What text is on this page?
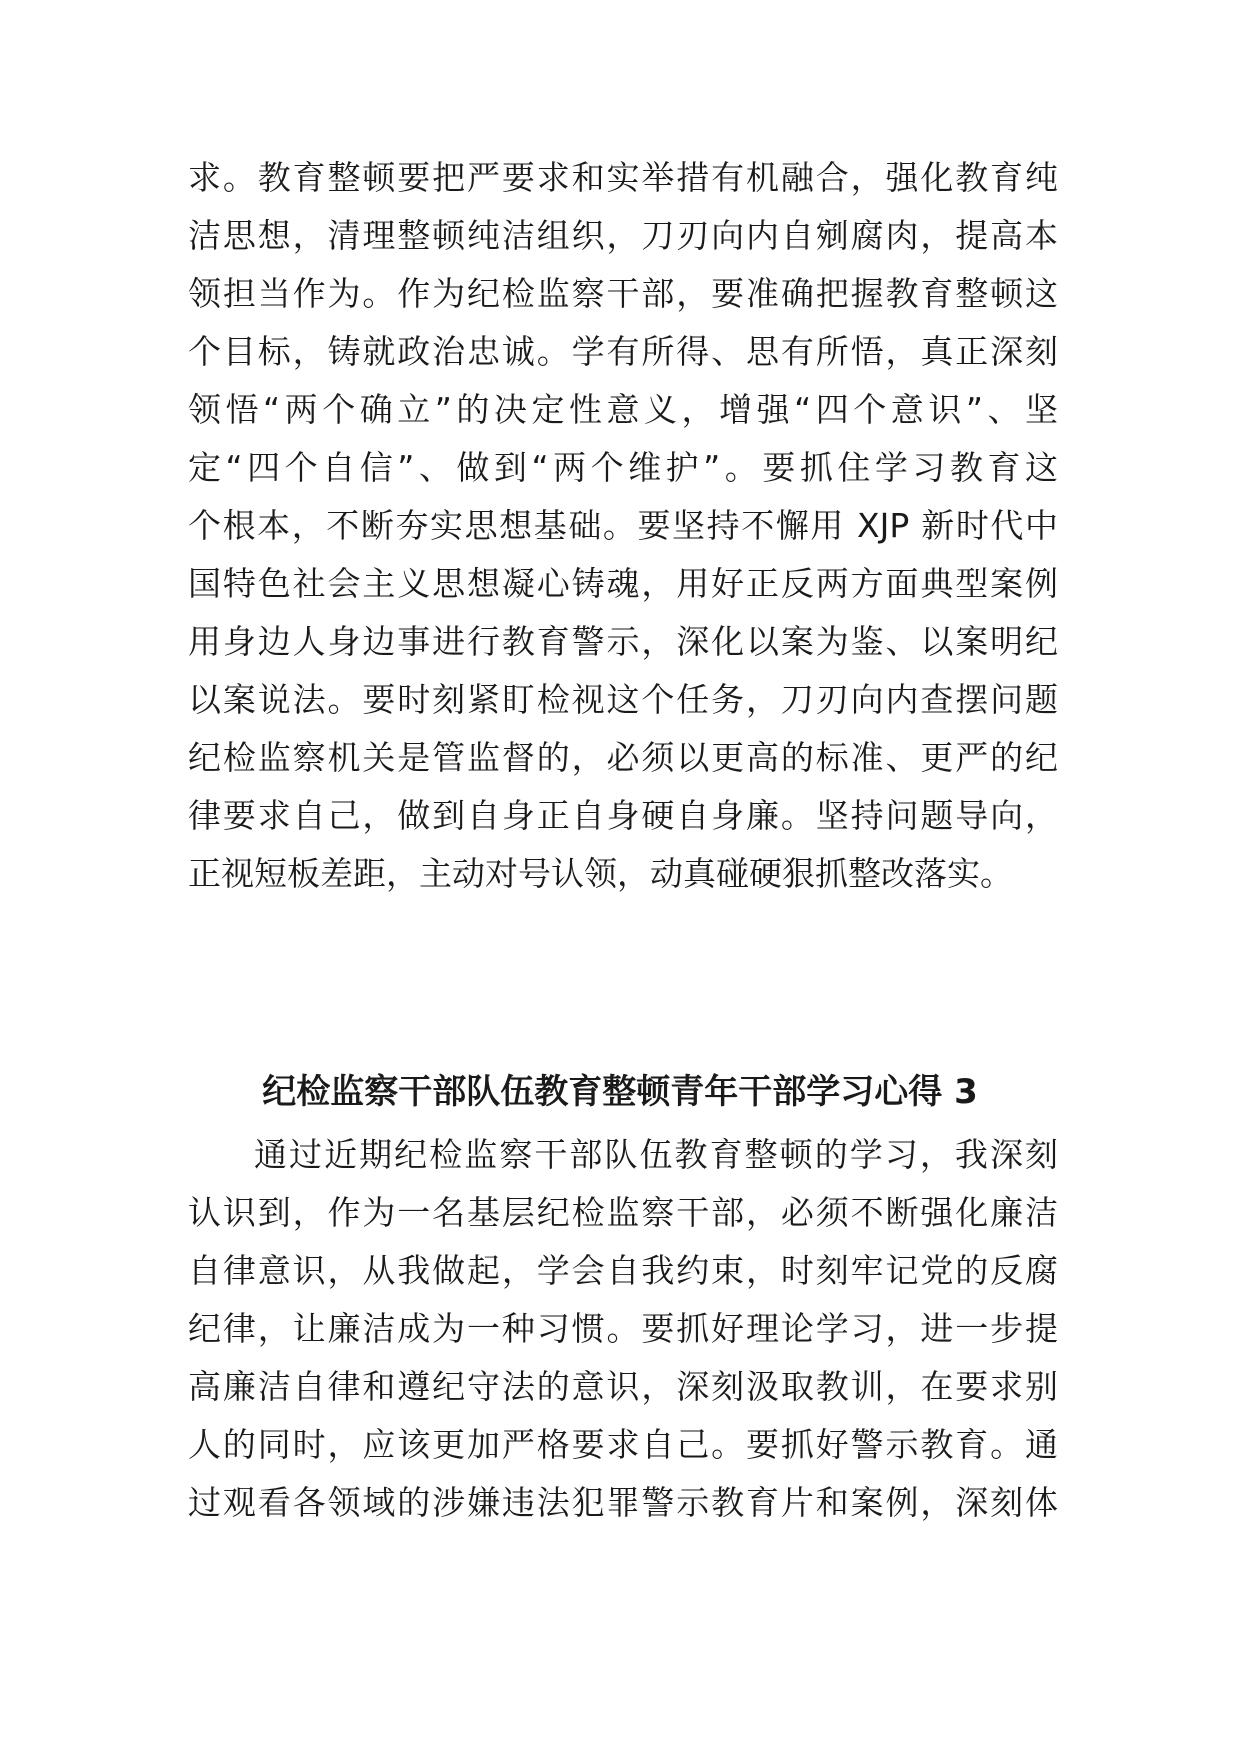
求。教育整顿要把严要求和实举措有机融合，强化教育纯
洁思想，清理整顿纯洁组织，刀刃向内自剜腐肉，提高本
领担当作为。作为纪检监察干部，要准确把握教育整顿这
个目标，铸就政治忠诚。学有所得、思有所悟，真正深刻
领悟“两个确立”的决定性意义，增强“四个意识”、坚
定“四个自信”、做到“两个维护”。要抓住学习教育这
个根本，不断夯实思想基础。要坚持不懈用 XJP 新时代中
国特色社会主义思想凝心铸魂，用好正反两方面典型案例
用身边人身边事进行教育警示，深化以案为鉴、以案明纪
以案说法。要时刻紧盯检视这个任务，刀刃向内查摆问题
纪检监察机关是管监督的，必须以更高的标准、更严的纪
律要求自己，做到自身正自身硬自身廉。坚持问题导向，
正视短板差距，主动对号认领，动真碰硬狠抓整改落实。
纪检监察干部队伍教育整顿青年干部学习心得 3
通过近期纪检监察干部队伍教育整顿的学习，我深刻
认识到，作为一名基层纪检监察干部，必须不断强化廉洁
自律意识，从我做起，学会自我约束，时刻牢记党的反腐
纪律，让廉洁成为一种习惯。要抓好理论学习，进一步提
高廉洁自律和遵纪守法的意识，深刻汲取教训，在要求别
人的同时，应该更加严格要求自己。要抓好警示教育。通
过观看各领域的涉嫌违法犯罪警示教育片和案例，深刻体
